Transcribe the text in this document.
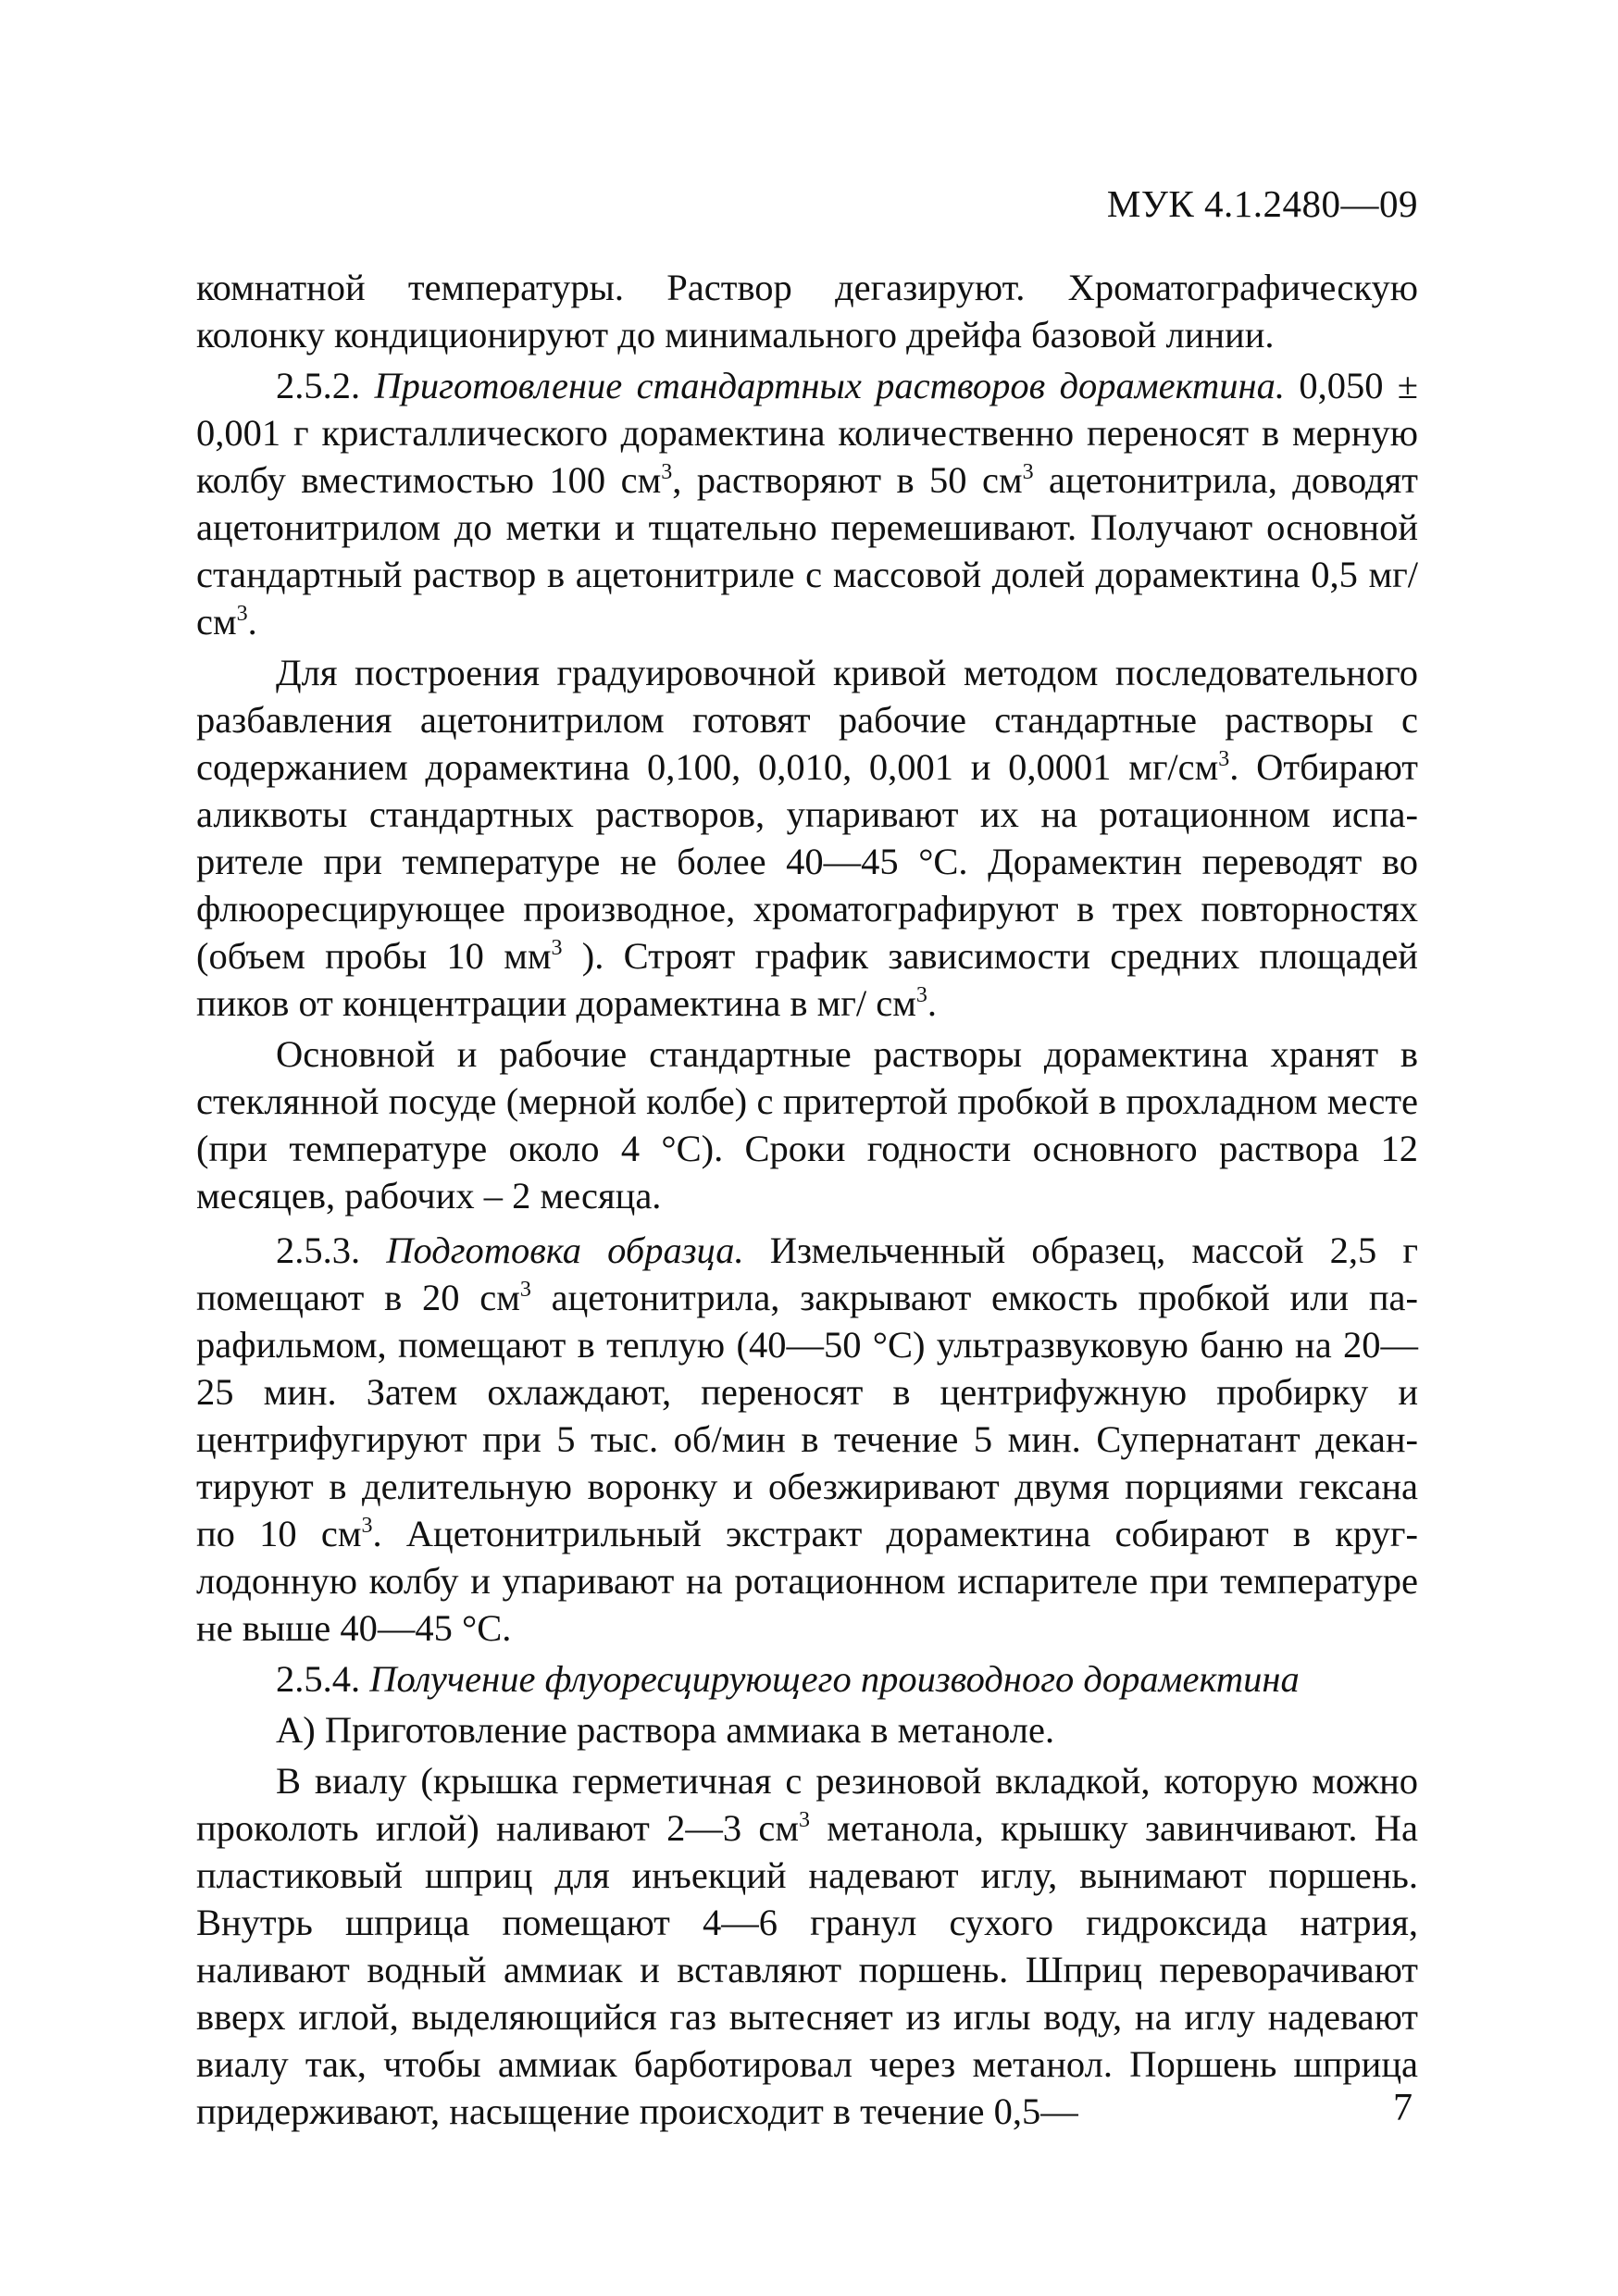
МУК 4.1.2480—09

комнатной температуры. Раствор дегазируют. Хроматографическую колонку кондиционируют до минимального дрейфа базовой линии.

2.5.2. Приготовление стандартных растворов дорамектина. 0,050 ± 0,001 г кристаллического дорамектина количественно переносят в мерную колбу вместимостью 100 $см^3$, растворяют в 50 $см^3$ ацетонитрила, доводят ацетонитрилом до метки и тщательно перемешивают. Получают основной стандартный раствор в ацетонитриле с массовой долей дорамектина 0,5 $мг/см^3$.

Для построения градуировочной кривой методом последовательного разбавления ацетонитрилом готовят рабочие стандартные растворы с содержанием дорамектина 0,100, 0,010, 0,001 и 0,0001 $мг/см^3$. Отбирают аликвоты стандартных растворов, упаривают их на ротационном испарителе при температуре не более 40—45 °С. Дорамектин переводят во флюоресцирующее производное, хроматографируют в трех повторностях (объем пробы 10 $мм^3$ ). Строят график зависимости средних площадей пиков от концентрации дорамектина в мг/ $см^3$.

Основной и рабочие стандартные растворы дорамектина хранят в стеклянной посуде (мерной колбе) с притертой пробкой в прохладном месте (при температуре около 4 °С). Сроки годности основного раствора 12 месяцев, рабочих – 2 месяца.

2.5.3. Подготовка образца. Измельченный образец, массой 2,5 г помещают в 20 $см^3$ ацетонитрила, закрывают емкость пробкой или парафильмом, помещают в теплую (40—50 °С) ультразвуковую баню на 20—25 мин. Затем охлаждают, переносят в центрифужную пробирку и центрифугируют при 5 тыс. об/мин в течение 5 мин. Супернатант декантируют в делительную воронку и обезжиривают двумя порциями гексана по 10 $см^3$. Ацетонитрильный экстракт дорамектина собирают в круглодонную колбу и упаривают на ротационном испарителе при температуре не выше 40—45 °С.

2.5.4. Получение флуоресцирующего производного дорамектина

А) Приготовление раствора аммиака в метаноле.

В виалу (крышка герметичная с резиновой вкладкой, которую можно проколоть иглой) наливают 2—3 $см^3$ метанола, крышку завинчивают. На пластиковый шприц для инъекций надевают иглу, вынимают поршень. Внутрь шприца помещают 4—6 гранул сухого гидроксида натрия, наливают водный аммиак и вставляют поршень. Шприц переворачивают вверх иглой, выделяющийся газ вытесняет из иглы воду, на иглу надевают виалу так, чтобы аммиак барботировал через метанол. Поршень шприца придерживают, насыщение происходит в течение 0,5—	7
